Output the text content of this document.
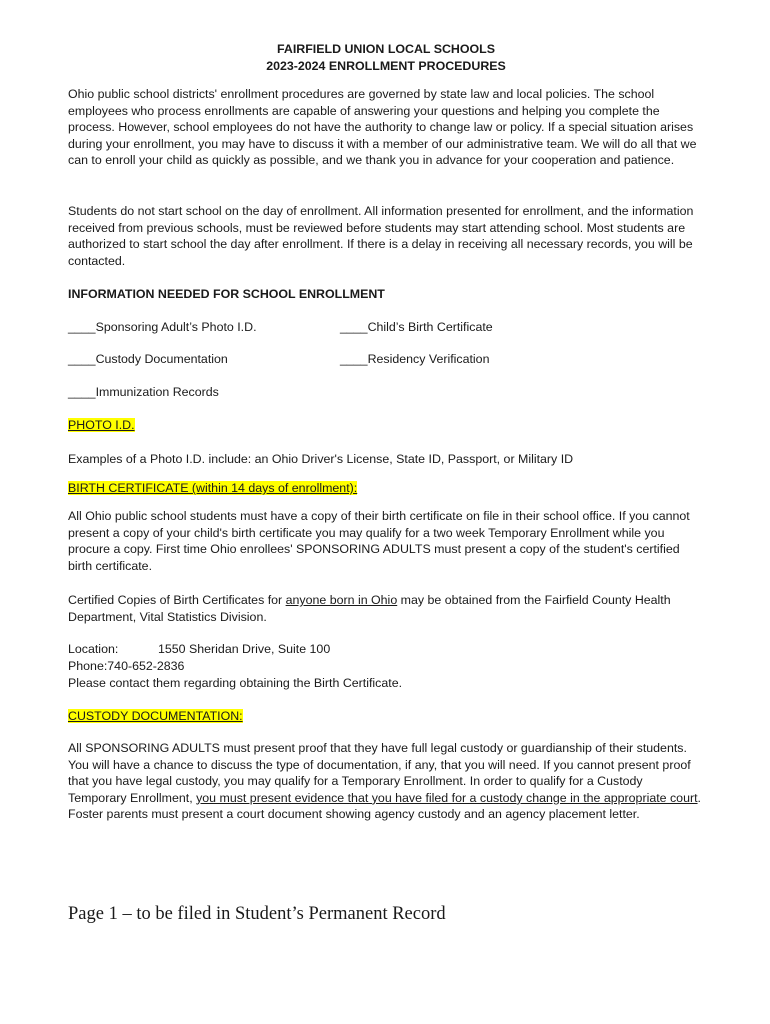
FAIRFIELD UNION LOCAL SCHOOLS
2023-2024 ENROLLMENT PROCEDURES

Ohio public school districts' enrollment procedures are governed by state law and local policies. The school employees who process enrollments are capable of answering your questions and helping you complete the process. However, school employees do not have the authority to change law or policy. If a special situation arises during your enrollment, you may have to discuss it with a member of our administrative team. We will do all that we can to enroll your child as quickly as possible, and we thank you in advance for your cooperation and patience.

Students do not start school on the day of enrollment. All information presented for enrollment, and the information received from previous schools, must be reviewed before students may start attending school. Most students are authorized to start school the day after enrollment. If there is a delay in receiving all necessary records, you will be contacted.

INFORMATION NEEDED FOR SCHOOL ENROLLMENT
____Sponsoring Adult’s Photo I.D.	____Child’s Birth Certificate
____Custody Documentation	____Residency Verification
____Immunization Records
PHOTO I.D.
Examples of a Photo I.D. include: an Ohio Driver's License, State ID, Passport, or Military ID
BIRTH CERTIFICATE (within 14 days of enrollment):

All Ohio public school students must have a copy of their birth certificate on file in their school office. If you cannot present a copy of your child's birth certificate you may qualify for a two week Temporary Enrollment while you procure a copy. First time Ohio enrollees' SPONSORING ADULTS must present a copy of the student's certified birth certificate.

Certified Copies of Birth Certificates for anyone born in Ohio may be obtained from the Fairfield County Health Department, Vital Statistics Division.

Location:	1550 Sheridan Drive, Suite 100
Phone:740-652-2836
Please contact them regarding obtaining the Birth Certificate.
CUSTODY DOCUMENTATION:

All SPONSORING ADULTS must present proof that they have full legal custody or guardianship of their students. You will have a chance to discuss the type of documentation, if any, that you will need. If you cannot present proof that you have legal custody, you may qualify for a Temporary Enrollment. In order to qualify for a Custody Temporary Enrollment, you must present evidence that you have filed for a custody change in the appropriate court. Foster parents must present a court document showing agency custody and an agency placement letter.

Page 1 – to be filed in Student’s Permanent Record
